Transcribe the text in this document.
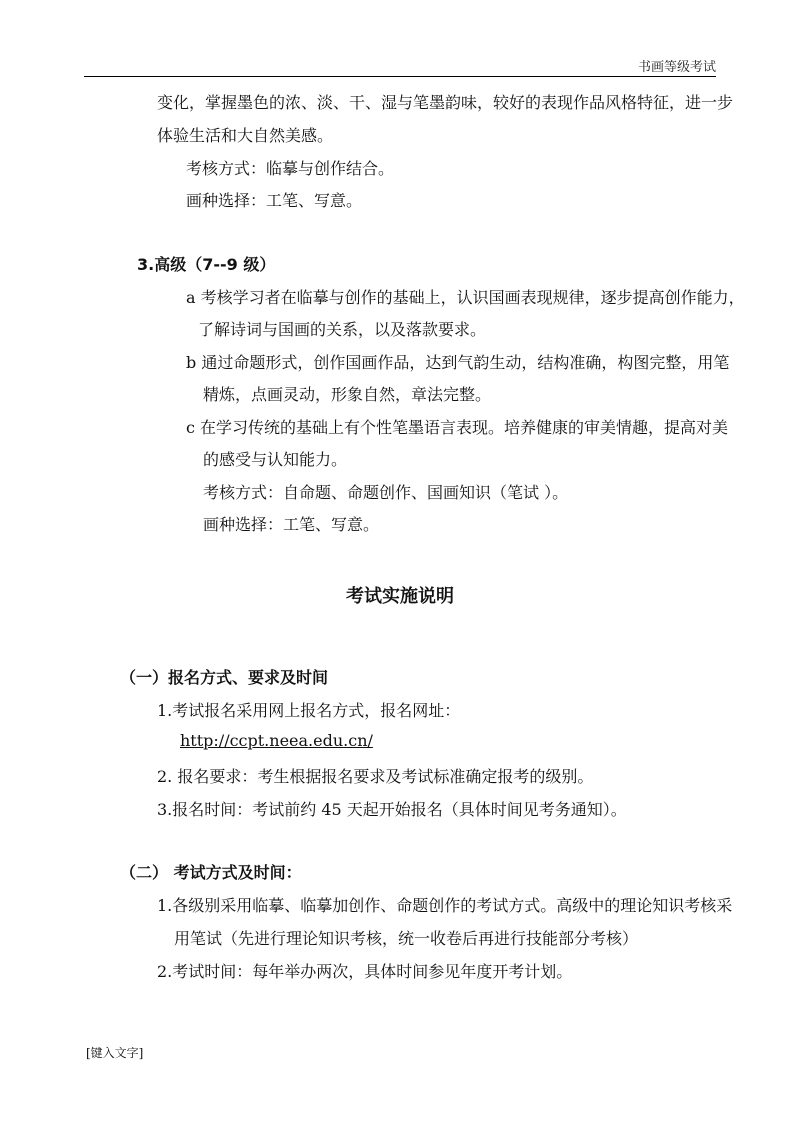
书画等级考试
变化，掌握墨色的浓、淡、干、湿与笔墨韵味，较好的表现作品风格特征，进一步
体验生活和大自然美感。
考核方式：临摹与创作结合。
画种选择：工笔、写意。
3.高级（7--9 级）
a 考核学习者在临摹与创作的基础上，认识国画表现规律，逐步提高创作能力，
了解诗词与国画的关系，以及落款要求。
b 通过命题形式，创作国画作品，达到气韵生动，结构准确，构图完整，用笔
精炼，点画灵动，形象自然，章法完整。
c 在学习传统的基础上有个性笔墨语言表现。培养健康的审美情趣，提高对美
的感受与认知能力。
考核方式：自命题、命题创作、国画知识（笔试 ）。
画种选择：工笔、写意。
考试实施说明
（一）报名方式、要求及时间
1.考试报名采用网上报名方式，报名网址：
http://ccpt.neea.edu.cn/
2. 报名要求：考生根据报名要求及考试标准确定报考的级别。
3.报名时间：考试前约 45 天起开始报名（具体时间见考务通知）。
（二） 考试方式及时间：
1.各级别采用临摹、临摹加创作、命题创作的考试方式。高级中的理论知识考核采
用笔试（先进行理论知识考核，统一收卷后再进行技能部分考核）
2.考试时间：每年举办两次，具体时间参见年度开考计划。
[键入文字]
